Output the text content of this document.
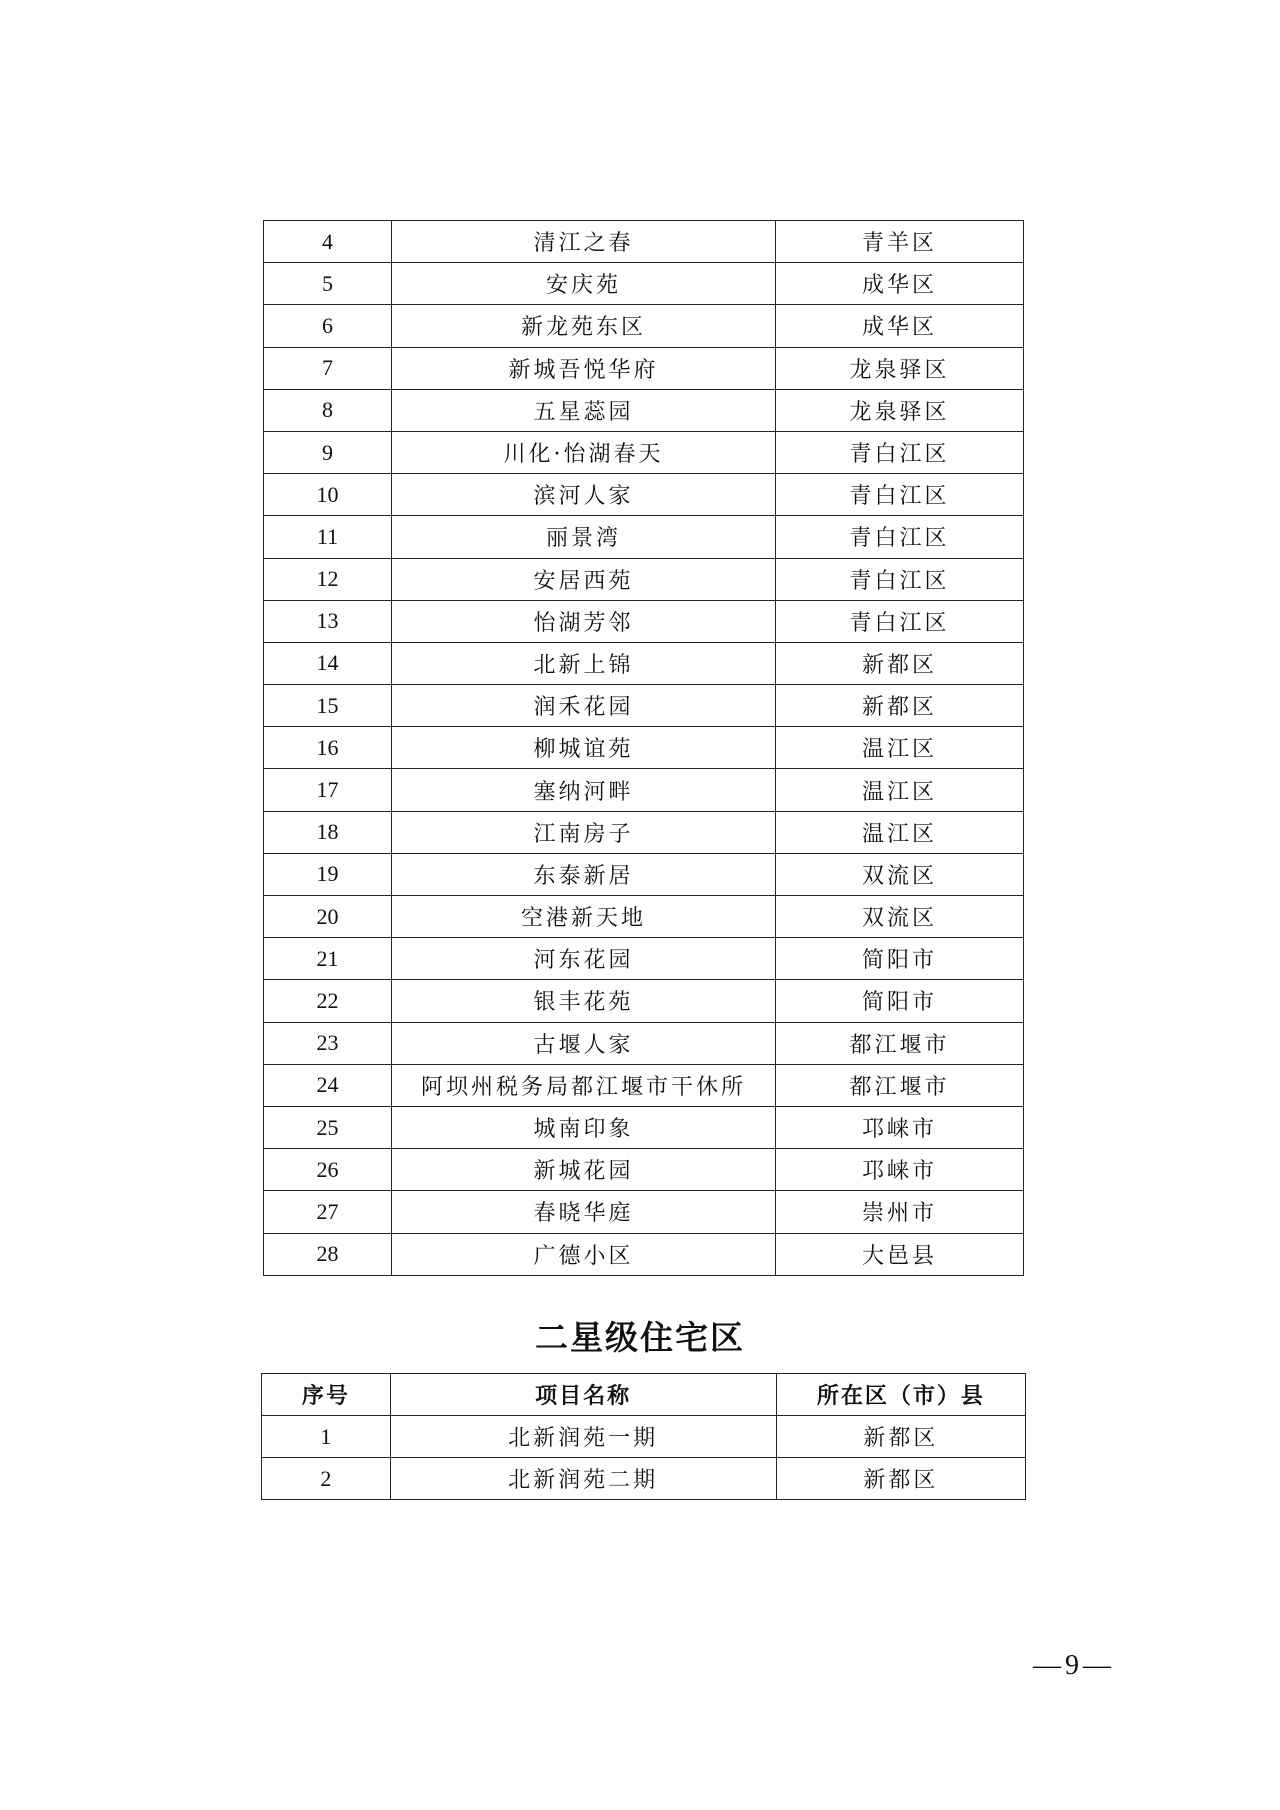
4	清江之春	青羊区
5	安庆苑	成华区
6	新龙苑东区	成华区
7	新城吾悦华府	龙泉驿区
8	五星蕊园	龙泉驿区
9	川化·怡湖春天	青白江区
10	滨河人家	青白江区
11	丽景湾	青白江区
12	安居西苑	青白江区
13	怡湖芳邻	青白江区
14	北新上锦	新都区
15	润禾花园	新都区
16	柳城谊苑	温江区
17	塞纳河畔	温江区
18	江南房子	温江区
19	东泰新居	双流区
20	空港新天地	双流区
21	河东花园	简阳市
22	银丰花苑	简阳市
23	古堰人家	都江堰市
24	阿坝州税务局都江堰市干休所	都江堰市
25	城南印象	邛崃市
26	新城花园	邛崃市
27	春晓华庭	崇州市
28	广德小区	大邑县
二星级住宅区
序号	项目名称	所在区（市）县
1	北新润苑一期	新都区
2	北新润苑二期	新都区
—9—
